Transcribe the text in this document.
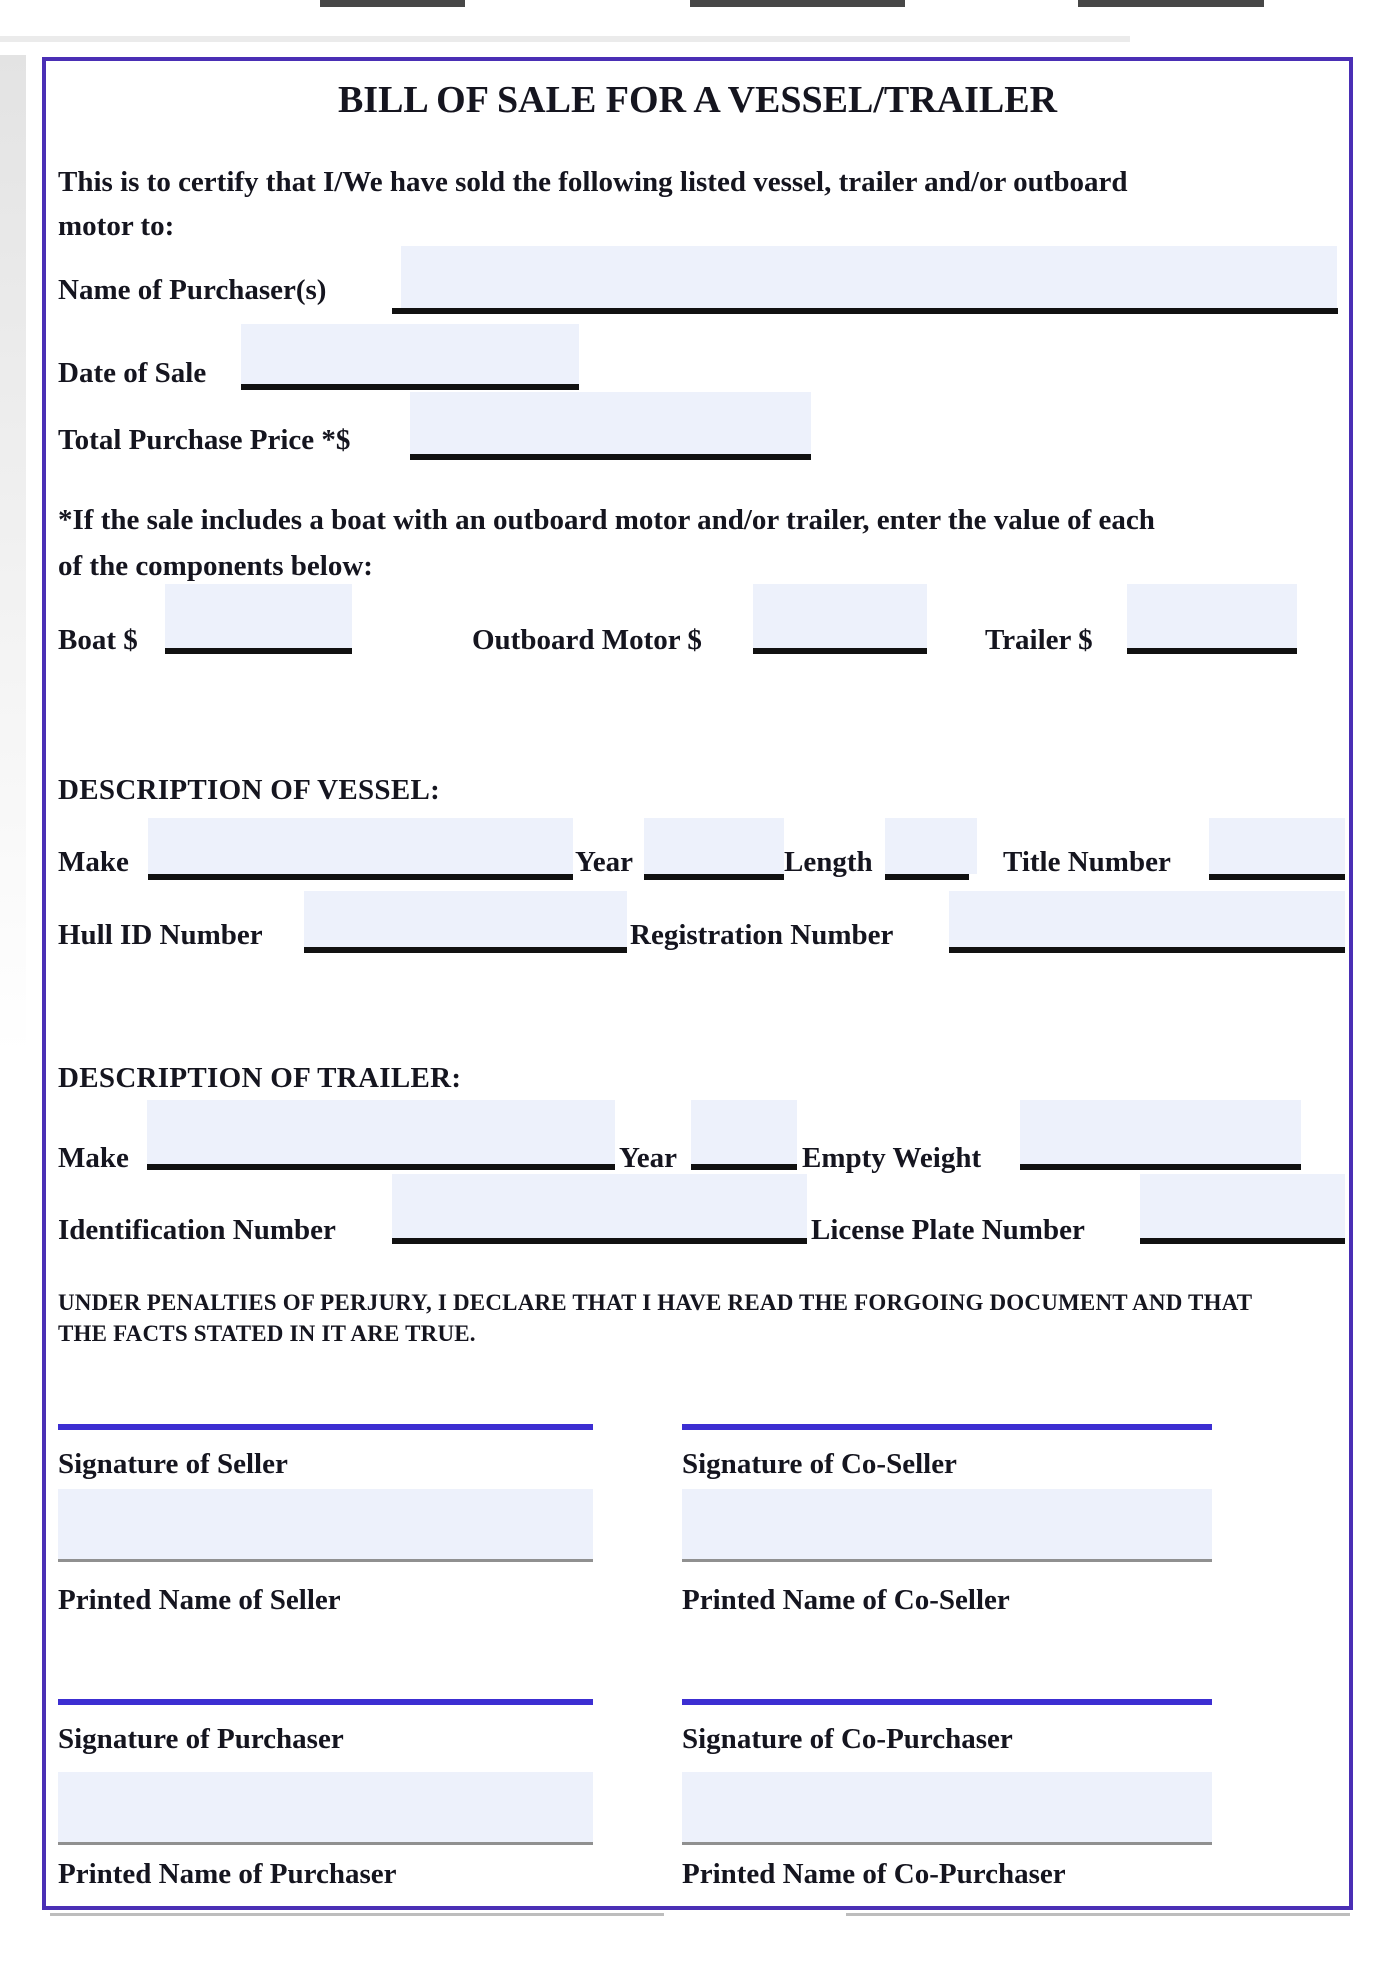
BILL OF SALE FOR A VESSEL/TRAILER
This is to certify that I/We have sold the following listed vessel, trailer and/or outboard
motor to:
Name of Purchaser(s)
Date of Sale
Total Purchase Price *$
*If the sale includes a boat with an outboard motor and/or trailer, enter the value of each
of the components below:
Boat $	Outboard Motor $	Trailer $
DESCRIPTION OF VESSEL:
Make	Year	Length	Title Number
Hull ID Number	Registration Number
DESCRIPTION OF TRAILER:
Make	Year	Empty Weight
Identification Number	License Plate Number
UNDER PENALTIES OF PERJURY, I DECLARE THAT I HAVE READ THE FORGOING DOCUMENT AND THAT
THE FACTS STATED IN IT ARE TRUE.
Signature of Seller	Signature of Co-Seller
Printed Name of Seller	Printed Name of Co-Seller
Signature of Purchaser	Signature of Co-Purchaser
Printed Name of Purchaser	Printed Name of Co-Purchaser
